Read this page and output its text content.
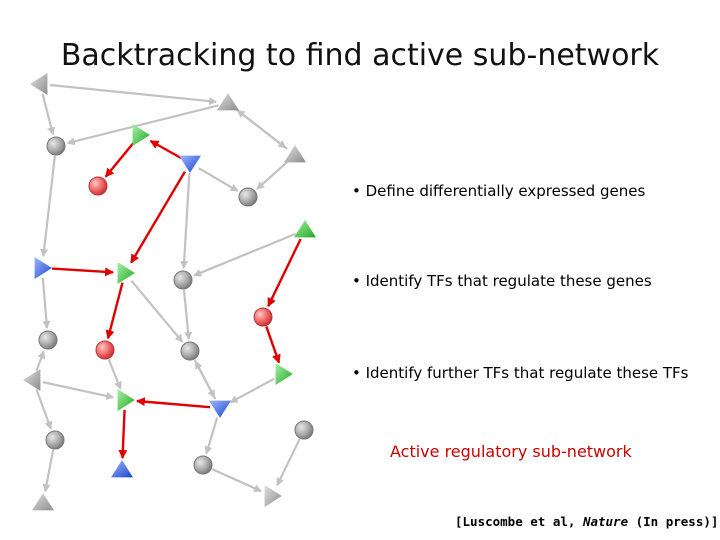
Backtracking to find active sub-network
• Define differentially expressed genes
• Identify TFs that regulate these genes
• Identify further TFs that regulate these TFs
Active regulatory sub-network
[Luscombe et al, Nature (In press)]
